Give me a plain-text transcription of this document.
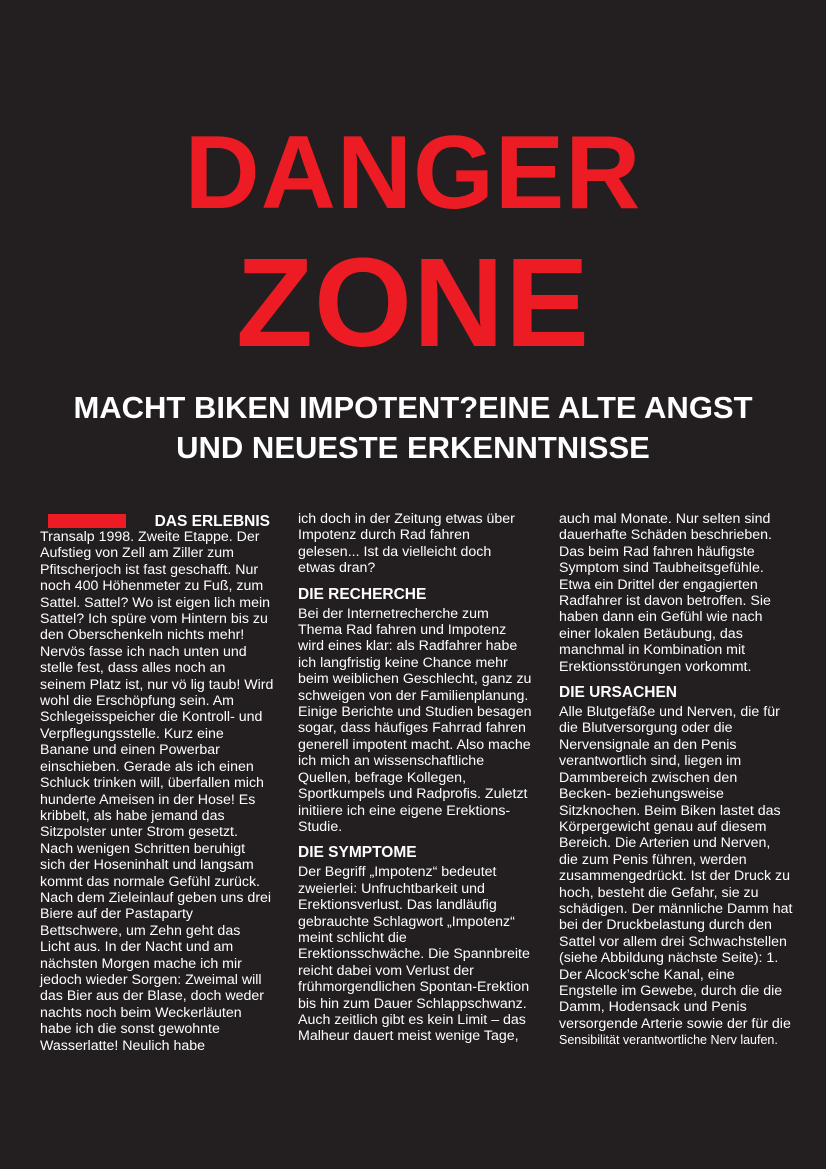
DANGER
ZONE
MACHT BIKEN IMPOTENT?EINE ALTE ANGST UND NEUESTE ERKENNTNISSE
DAS ERLEBNIS

Transalp 1998. Zweite Etappe. Der Aufstieg von Zell am Ziller zum Pfitscherjoch ist fast geschafft. Nur noch 400 Höhenmeter zu Fuß, zum Sattel. Sattel? Wo ist eigen lich mein Sattel? Ich spüre vom Hintern bis zu den Oberschenkeln nichts mehr! Nervös fasse ich nach unten und stelle fest, dass alles noch an seinem Platz ist, nur vö lig taub! Wird wohl die Erschöpfung sein. Am Schlegeisspeicher die Kontroll- und Verpflegungsstelle. Kurz eine Banane und einen Powerbar einschieben. Gerade als ich einen Schluck trinken will, überfallen mich hunderte Ameisen in der Hose! Es kribbelt, als habe jemand das Sitzpolster unter Strom gesetzt. Nach wenigen Schritten beruhigt sich der Hoseninhalt und langsam kommt das normale Gefühl zurück. Nach dem Zieleinlauf geben uns drei Biere auf der Pastaparty Bettschwere, um Zehn geht das Licht aus. In der Nacht und am nächsten Morgen mache ich mir jedoch wieder Sorgen: Zweimal will das Bier aus der Blase, doch weder nachts noch beim Weckerläuten habe ich die sonst gewohnte Wasserlatte! Neulich habe

ich doch in der Zeitung etwas über Impotenz durch Rad fahren gelesen... Ist da vielleicht doch etwas dran?

DIE RECHERCHE

Bei der Internetrecherche zum Thema Rad fahren und Impotenz wird eines klar: als Radfahrer habe ich langfristig keine Chance mehr beim weiblichen Geschlecht, ganz zu schweigen von der Familienplanung. Einige Berichte und Studien besagen sogar, dass häufiges Fahrrad fahren generell impotent macht. Also mache ich mich an wissenschaftliche Quellen, befrage Kollegen, Sportkumpels und Radprofis. Zuletzt initiiere ich eine eigene Erektions-Studie.

DIE SYMPTOME

Der Begriff „Impotenz“ bedeutet zweierlei: Unfruchtbarkeit und Erektionsverlust. Das landläufig gebrauchte Schlagwort „Impotenz“ meint schlicht die Erektionsschwäche. Die Spannbreite reicht dabei vom Verlust der frühmorgendlichen Spontan-Erektion bis hin zum Dauer Schlappschwanz. Auch zeitlich gibt es kein Limit – das Malheur dauert meist wenige Tage,

auch mal Monate. Nur selten sind dauerhafte Schäden beschrieben. Das beim Rad fahren häufigste Symptom sind Taubheitsgefühle. Etwa ein Drittel der engagierten Radfahrer ist davon betroffen. Sie haben dann ein Gefühl wie nach einer lokalen Betäubung, das manchmal in Kombination mit Erektionsstörungen vorkommt.

DIE URSACHEN

Alle Blutgefäße und Nerven, die für die Blutversorgung oder die Nervensignale an den Penis verantwortlich sind, liegen im Dammbereich zwischen den Becken- beziehungsweise Sitzknochen. Beim Biken lastet das Körpergewicht genau auf diesem Bereich. Die Arterien und Nerven, die zum Penis führen, werden zusammengedrückt. Ist der Druck zu hoch, besteht die Gefahr, sie zu schädigen. Der männliche Damm hat bei der Druckbelastung durch den Sattel vor allem drei Schwachstellen (siehe Abbildung nächste Seite): 1. Der Alcock’sche Kanal, eine Engstelle im Gewebe, durch die die Damm, Hodensack und Penis versorgende Arterie sowie der für die

Sensibilität verantwortliche Nerv laufen.
